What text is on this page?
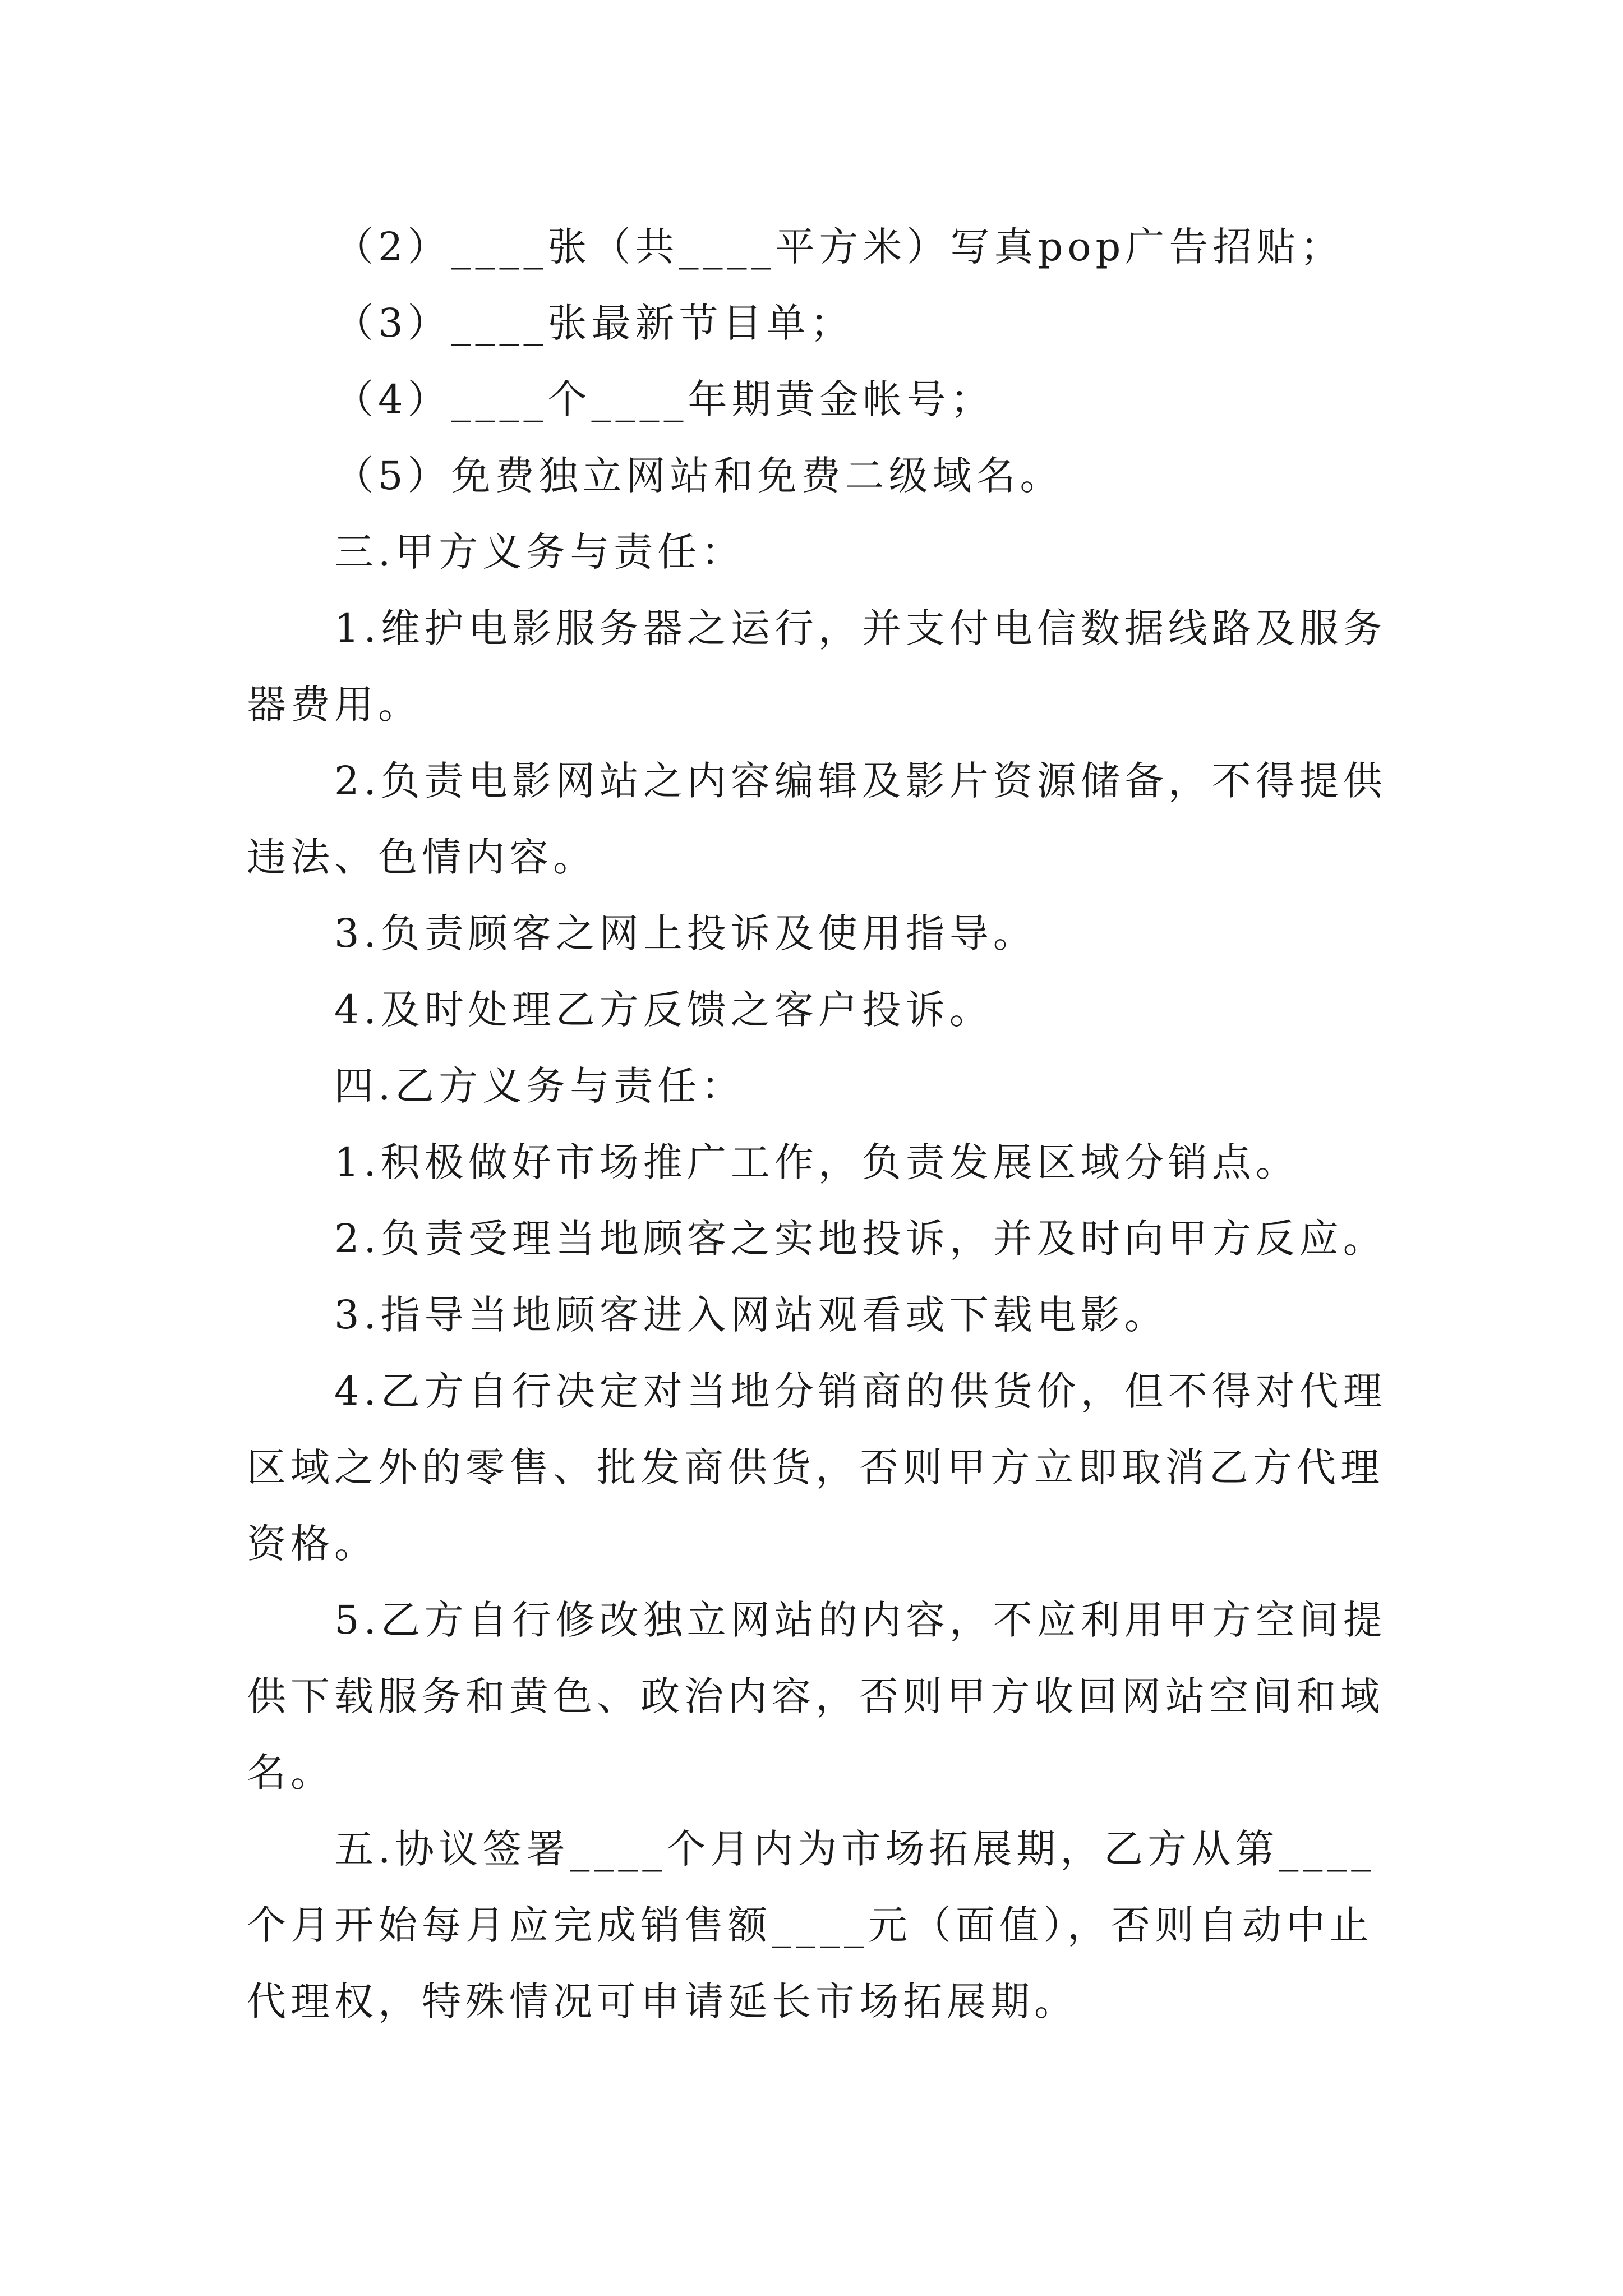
（2）____张（共____平方米）写真pop广告招贴；

（3）____张最新节目单；

（4）____个____年期黄金帐号；

（5）免费独立网站和免费二级域名。

三.甲方义务与责任：

1.维护电影服务器之运行，并支付电信数据线路及服务器费用。

2.负责电影网站之内容编辑及影片资源储备，不得提供违法、色情内容。

3.负责顾客之网上投诉及使用指导。

4.及时处理乙方反馈之客户投诉。

四.乙方义务与责任：

1.积极做好市场推广工作，负责发展区域分销点。

2.负责受理当地顾客之实地投诉，并及时向甲方反应。

3.指导当地顾客进入网站观看或下载电影。

4.乙方自行决定对当地分销商的供货价，但不得对代理区域之外的零售、批发商供货，否则甲方立即取消乙方代理资格。

5.乙方自行修改独立网站的内容，不应利用甲方空间提供下载服务和黄色、政治内容，否则甲方收回网站空间和域名。

五.协议签署____个月内为市场拓展期，乙方从第____个月开始每月应完成销售额____元（面值），否则自动中止代理权，特殊情况可申请延长市场拓展期。
